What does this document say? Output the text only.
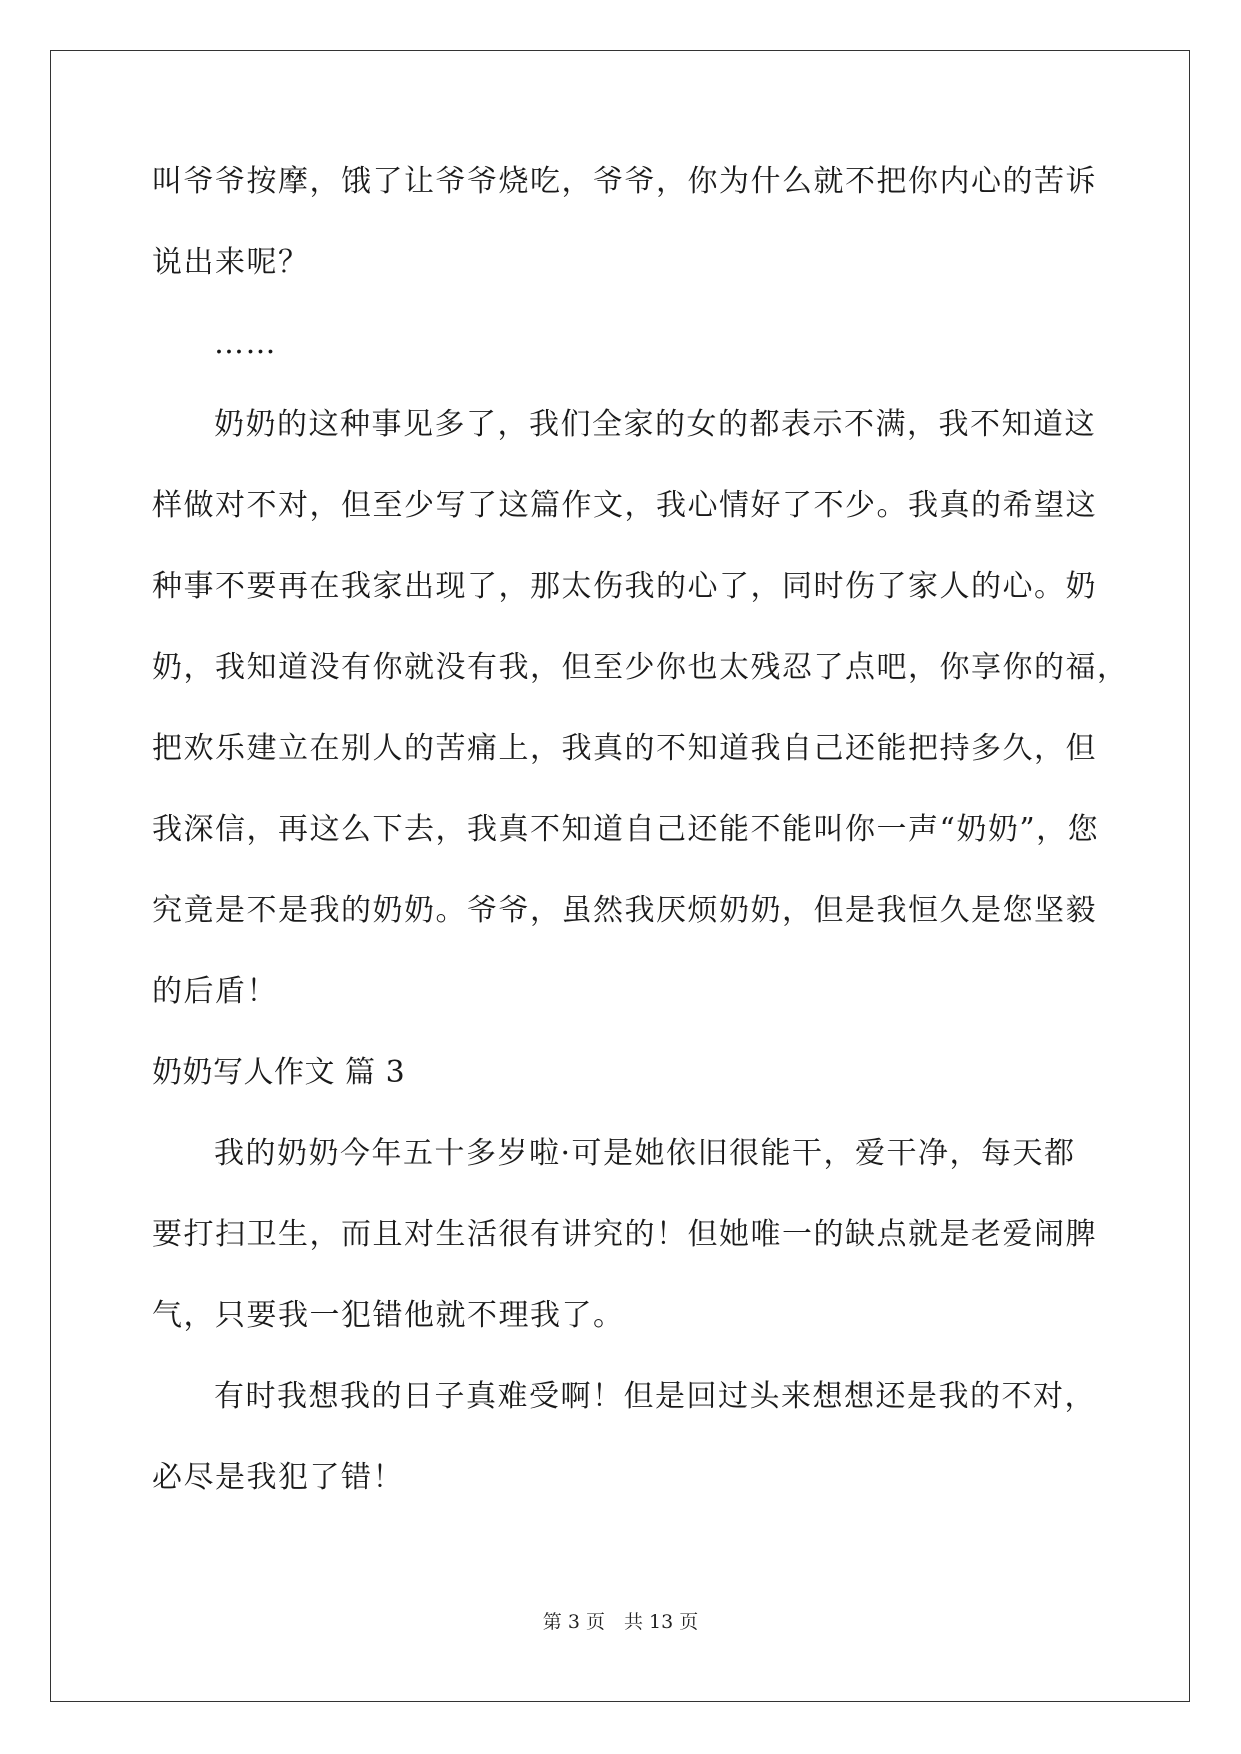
叫爷爷按摩，饿了让爷爷烧吃，爷爷，你为什么就不把你内心的苦诉
说出来呢？
……
奶奶的这种事见多了，我们全家的女的都表示不满，我不知道这
样做对不对，但至少写了这篇作文，我心情好了不少。我真的希望这
种事不要再在我家出现了，那太伤我的心了，同时伤了家人的心。奶
奶，我知道没有你就没有我，但至少你也太残忍了点吧，你享你的福，
把欢乐建立在别人的苦痛上，我真的不知道我自己还能把持多久，但
我深信，再这么下去，我真不知道自己还能不能叫你一声“奶奶”，您
究竟是不是我的奶奶。爷爷，虽然我厌烦奶奶，但是我恒久是您坚毅
的后盾！
奶奶写人作文 篇 3
我的奶奶今年五十多岁啦·可是她依旧很能干，爱干净，每天都
要打扫卫生，而且对生活很有讲究的！但她唯一的缺点就是老爱闹脾
气，只要我一犯错他就不理我了。
有时我想我的日子真难受啊！但是回过头来想想还是我的不对，
必尽是我犯了错！
第 3 页　共 13 页
